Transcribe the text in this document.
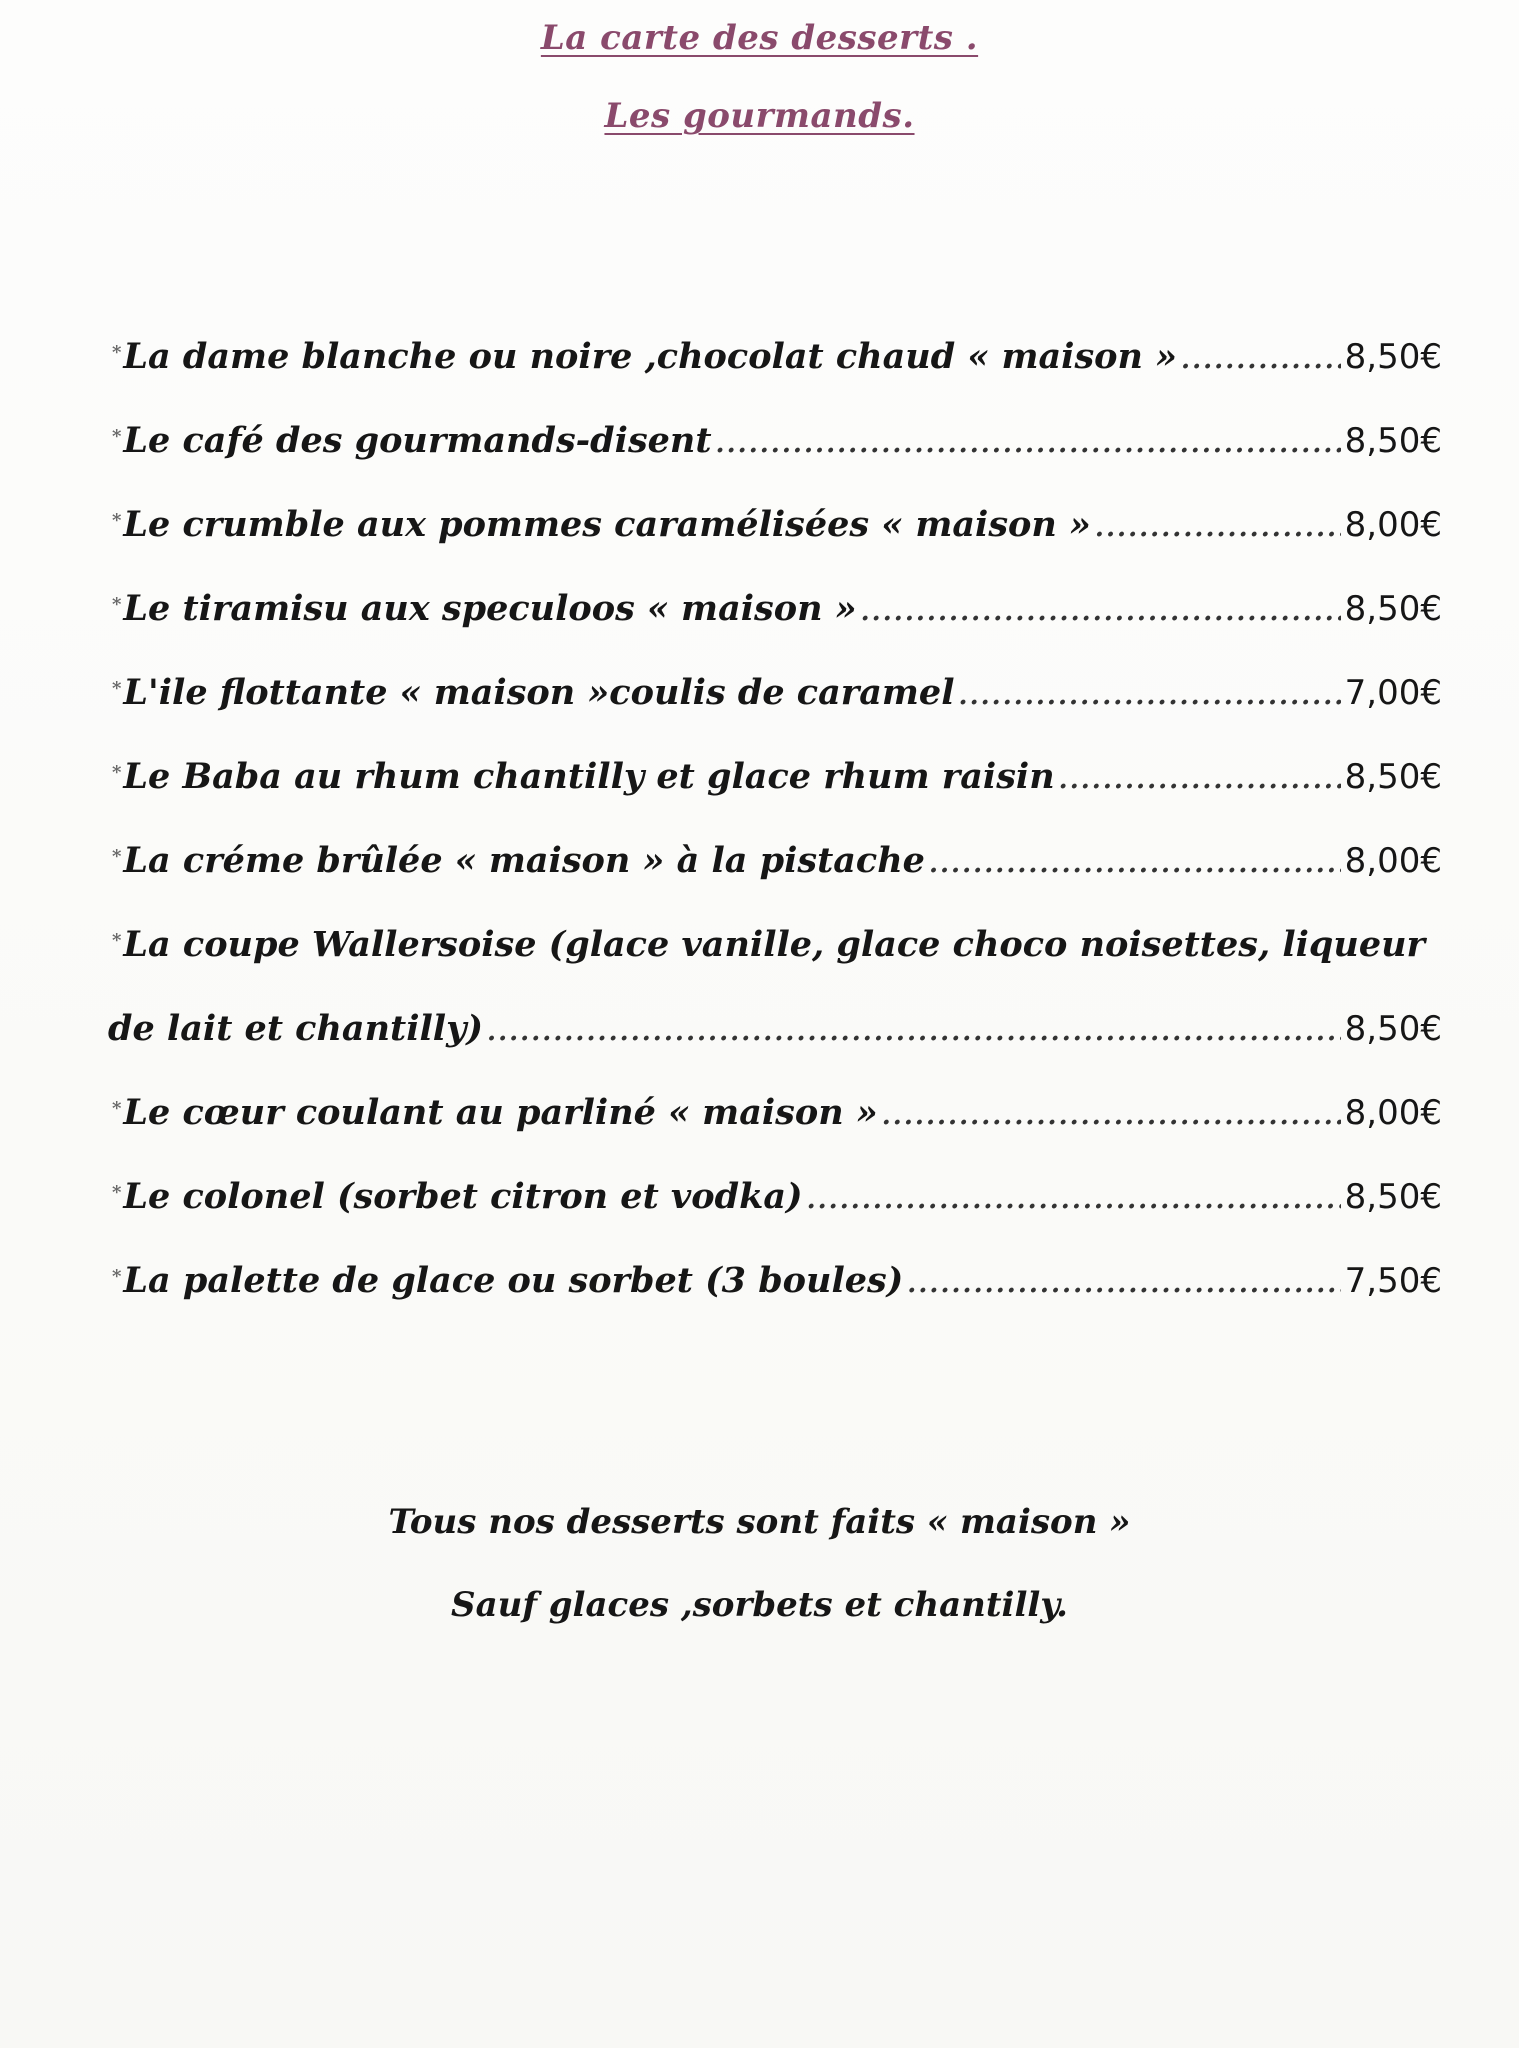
La carte des desserts .
Les gourmands.
* La dame blanche ou noire ,chocolat chaud « maison » .....	8,50€
* Le café des gourmands-disent .....	8,50€
* Le crumble aux pommes caramélisées « maison » .....	8,00€
* Le tiramisu aux speculoos « maison » .....	8,50€
* L'ile flottante « maison »coulis de caramel .....	7,00€
* Le Baba au rhum chantilly et glace rhum raisin .....	8,50€
* La créme brûlée « maison » à la pistache .....	8,00€
* La coupe Wallersoise (glace vanille, glace choco noisettes, liqueur
de lait et chantilly) .....	8,50€
* Le cœur coulant au parliné « maison » .....	8,00€
* Le colonel (sorbet citron et vodka) .....	8,50€
* La palette de glace ou sorbet (3 boules) .....	7,50€
Tous nos desserts sont faits « maison »
Sauf glaces ,sorbets et chantilly.
